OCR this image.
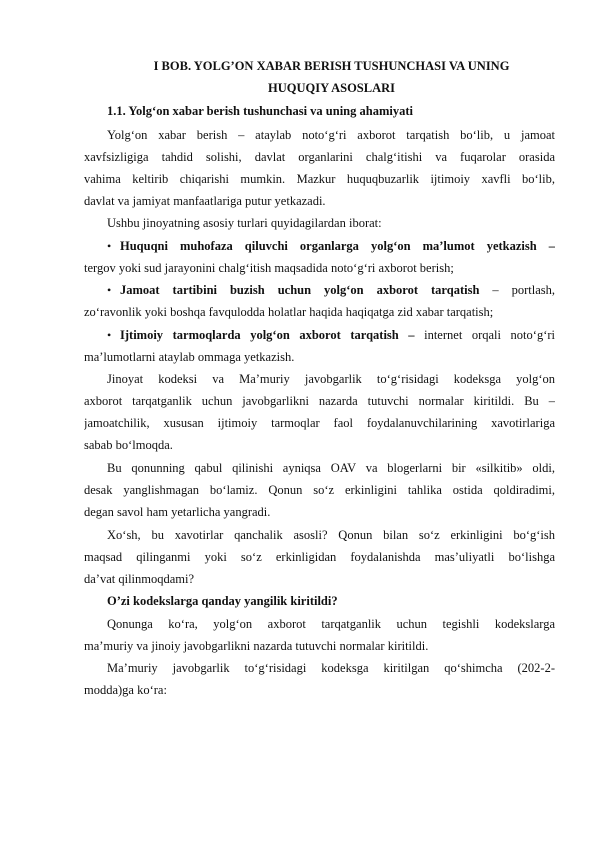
I BOB. YOLG’ON XABAR BERISH TUSHUNCHASI VA UNING
HUQUQIY ASOSLARI
1.1. Yolg‘on xabar berish tushunchasi va uning ahamiyati
Yolg‘on xabar berish – ataylab noto‘g‘ri axborot tarqatish bo‘lib, u jamoat
xavfsizligiga tahdid solishi, davlat organlarini chalg‘itishi va fuqarolar orasida
vahima keltirib chiqarishi mumkin. Mazkur huquqbuzarlik ijtimoiy xavfli bo‘lib,
davlat va jamiyat manfaatlariga putur yetkazadi.
Ushbu jinoyatning asosiy turlari quyidagilardan iborat:
• Huquqni muhofaza qiluvchi organlarga yolg‘on ma’lumot yetkazish –
tergov yoki sud jarayonini chalg‘itish maqsadida noto‘g‘ri axborot berish;
• Jamoat tartibini buzish uchun yolg‘on axborot tarqatish – portlash,
zo‘ravonlik yoki boshqa favqulodda holatlar haqida haqiqatga zid xabar tarqatish;
• Ijtimoiy tarmoqlarda yolg‘on axborot tarqatish – internet orqali noto‘g‘ri
ma’lumotlarni ataylab ommaga yetkazish.
Jinoyat kodeksi va Ma’muriy javobgarlik to‘g‘risidagi kodeksga yolg‘on
axborot tarqatganlik uchun javobgarlikni nazarda tutuvchi normalar kiritildi. Bu –
jamoatchilik, xususan ijtimoiy tarmoqlar faol foydalanuvchilarining xavotirlariga
sabab bo‘lmoqda.
Bu qonunning qabul qilinishi ayniqsa OAV va blogerlarni bir «silkitib» oldi,
desak yanglishmagan bo‘lamiz. Qonun so‘z erkinligini tahlika ostida qoldiradimi,
degan savol ham yetarlicha yangradi.
Xo‘sh, bu xavotirlar qanchalik asosli? Qonun bilan so‘z erkinligini bo‘g‘ish
maqsad qilinganmi yoki so‘z erkinligidan foydalanishda mas’uliyatli bo‘lishga
da’vat qilinmoqdami?
O’zi kodekslarga qanday yangilik kiritildi?
Qonunga ko‘ra, yolg‘on axborot tarqatganlik uchun tegishli kodekslarga
ma’muriy va jinoiy javobgarlikni nazarda tutuvchi normalar kiritildi.
Ma’muriy javobgarlik to‘g‘risidagi kodeksga kiritilgan qo‘shimcha (202-2-
modda)ga ko‘ra:
